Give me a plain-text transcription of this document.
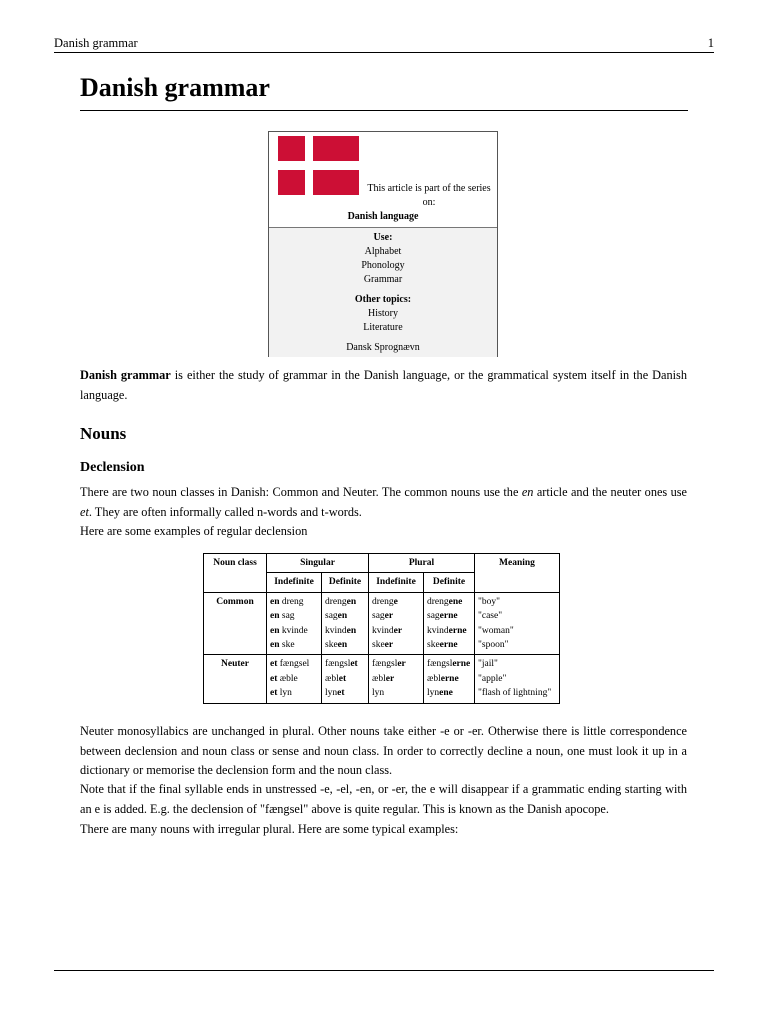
Danish grammar	1
Danish grammar
This article is part of the series on:
Danish language
Use:
Alphabet
Phonology
Grammar
Other topics:
History
Literature
Dansk Sprognævn

Danish grammar is either the study of grammar in the Danish language, or the grammatical system itself in the Danish language.

Nouns
Declension

There are two noun classes in Danish: Common and Neuter. The common nouns use the en article and the neuter ones use et. They are often informally called n-words and t-words.

Here are some examples of regular declension

Noun class	Singular		Plural		Meaning
	Indefinite	Definite	Indefinite	Definite	
Common	en dreng
en sag
en kvinde
en ske	drengen
sagen
kvinden
skeen	drenge
sager
kvinder
skeer	drengene
sagerne
kvinderne
skeerne	"boy"
"case"
"woman"
"spoon"

Neuter	et fængsel
et æble
et lyn	fængslet
æblet
lynet	fængsler
æbler
lyn	fængslerne
æblerne
lynene	"jail"
"apple"
"flash of lightning"

Neuter monosyllabics are unchanged in plural. Other nouns take either -e or -er. Otherwise there is little correspondence between declension and noun class or sense and noun class. In order to correctly decline a noun, one must look it up in a dictionary or memorise the declension form and the noun class.

Note that if the final syllable ends in unstressed -e, -el, -en, or -er, the e will disappear if a grammatic ending starting with an e is added. E.g. the declension of "fængsel" above is quite regular. This is known as the Danish apocope.

There are many nouns with irregular plural. Here are some typical examples:
